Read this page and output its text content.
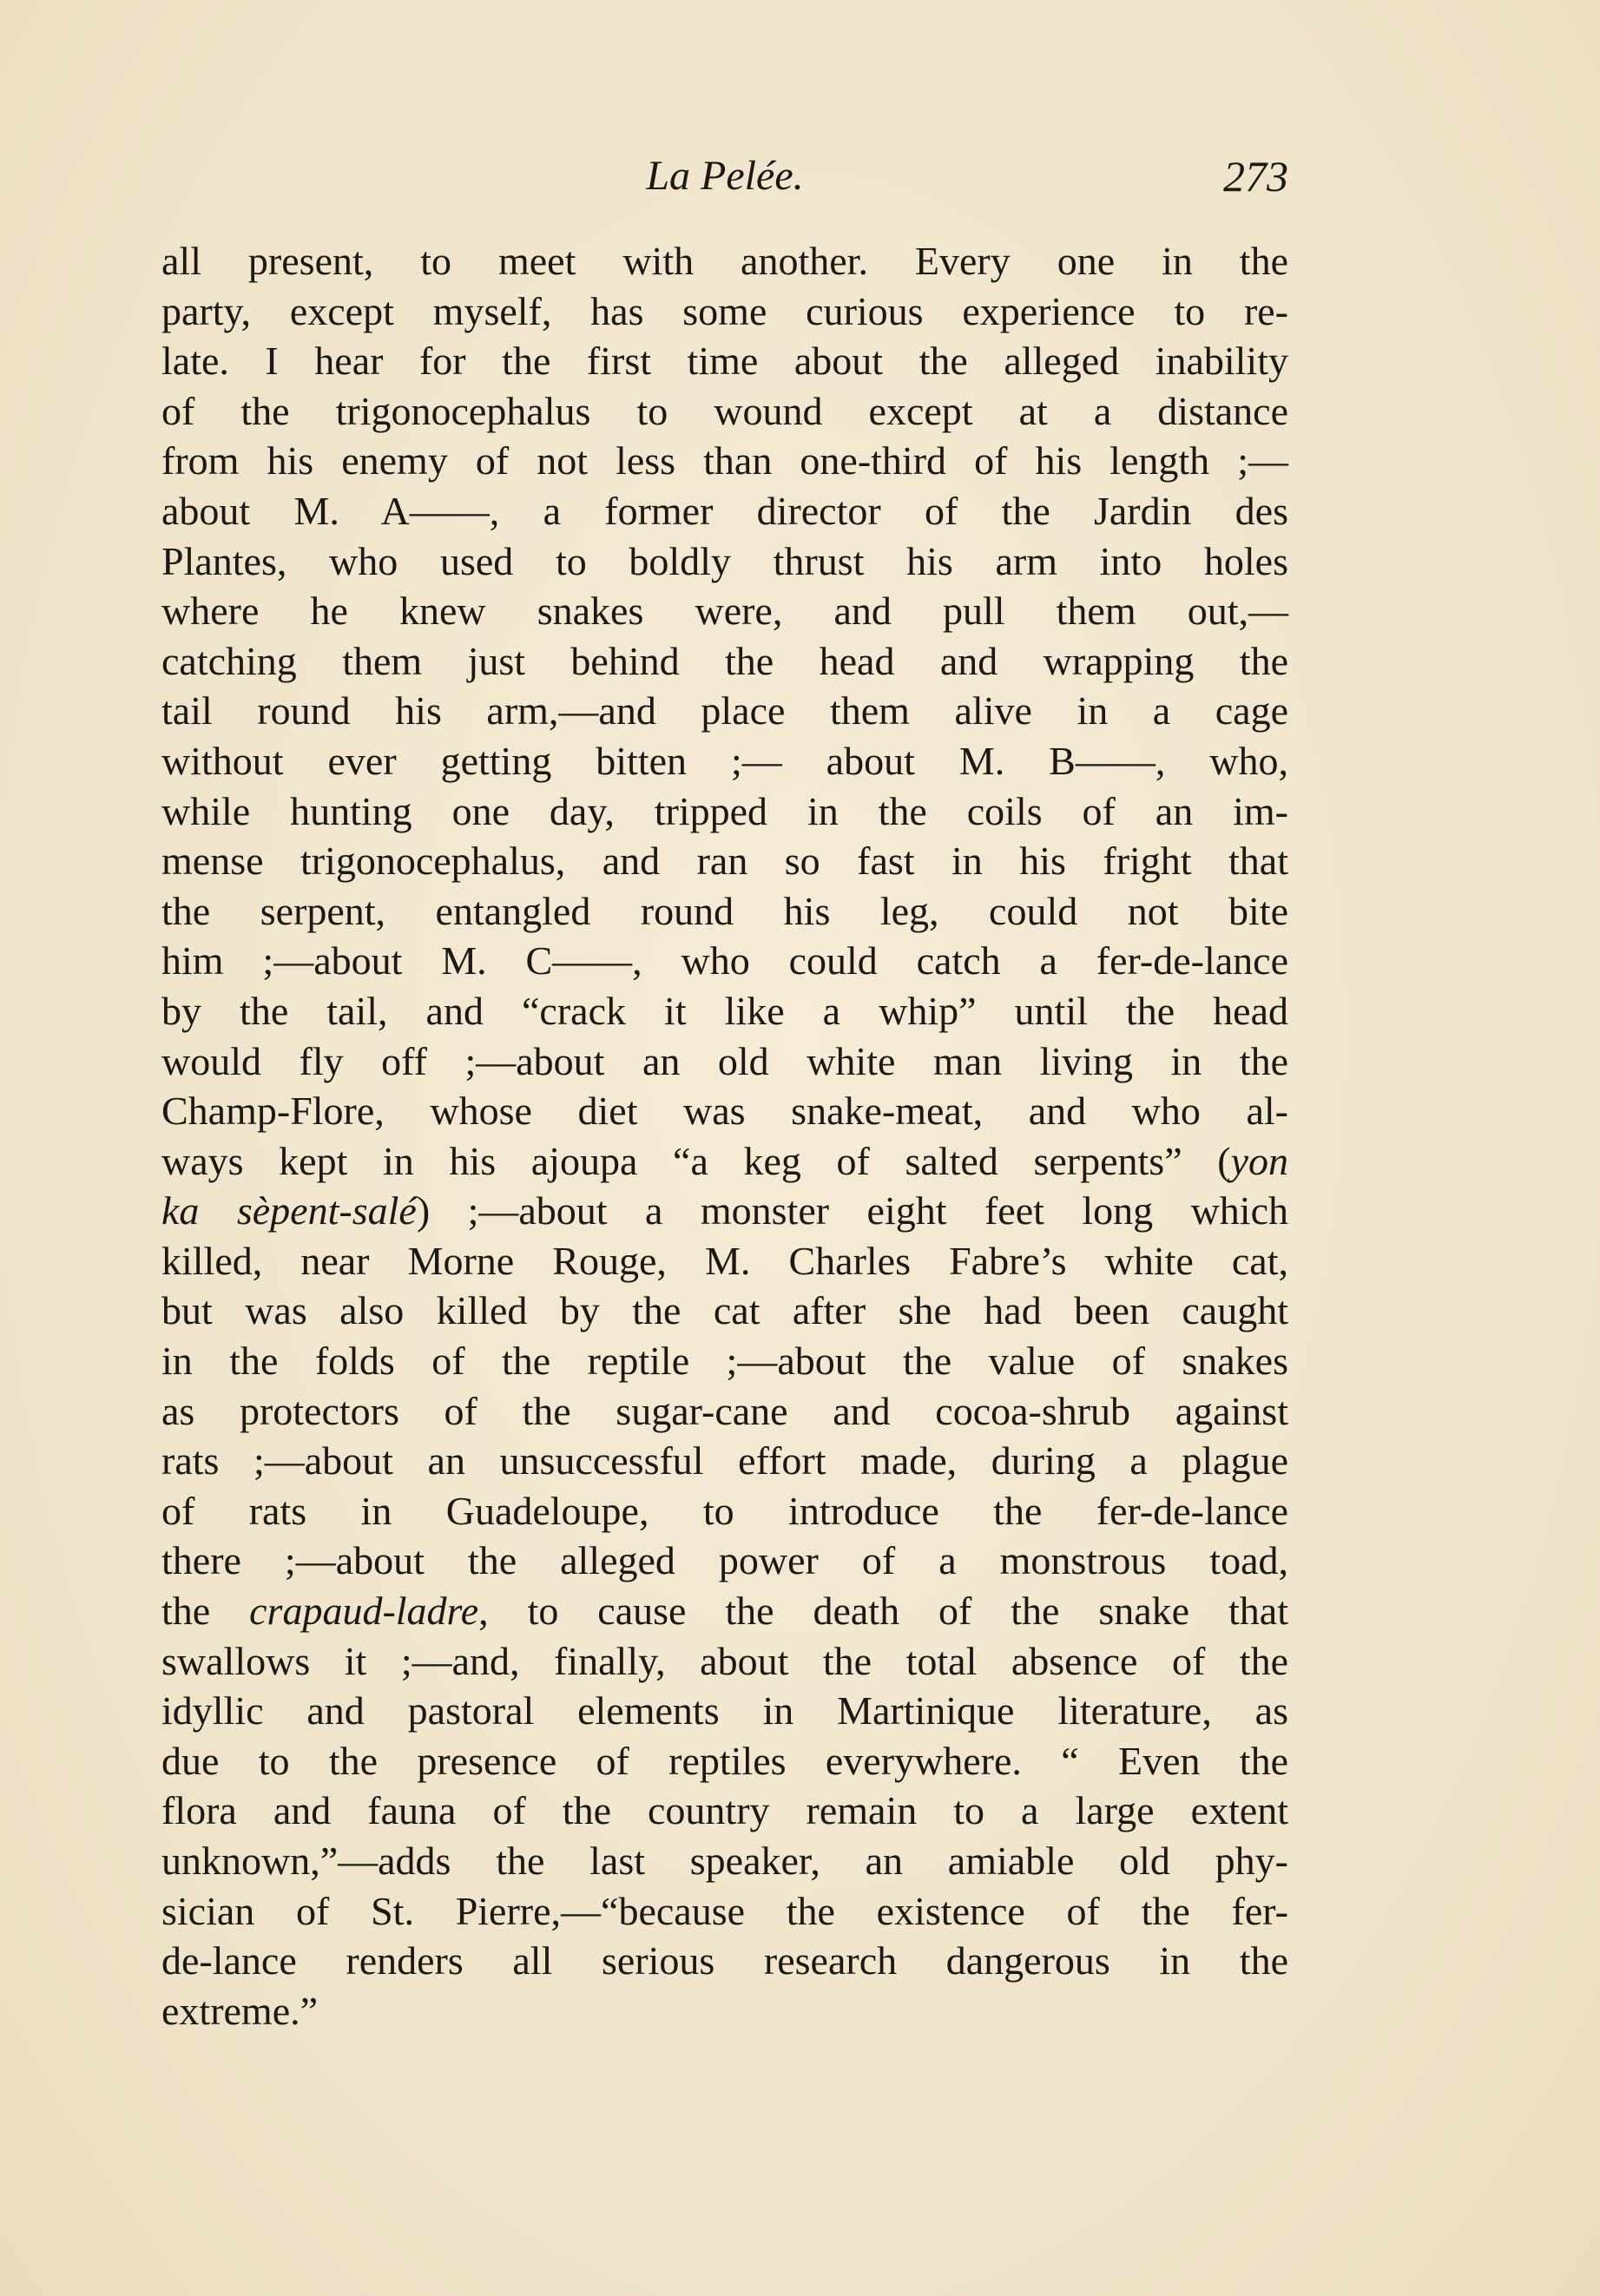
La Pelée.	273
all present, to meet with another. Every one in the
party, except myself, has some curious experience to re-
late. I hear for the first time about the alleged inability
of the trigonocephalus to wound except at a distance
from his enemy of not less than one-third of his length ;—
about M. A——, a former director of the Jardin des
Plantes, who used to boldly thrust his arm into holes
where he knew snakes were, and pull them out,—
catching them just behind the head and wrapping the
tail round his arm,—and place them alive in a cage
without ever getting bitten ;— about M. B——, who,
while hunting one day, tripped in the coils of an im-
mense trigonocephalus, and ran so fast in his fright that
the serpent, entangled round his leg, could not bite
him ;—about M. C——, who could catch a fer-de-lance
by the tail, and “crack it like a whip” until the head
would fly off ;—about an old white man living in the
Champ-Flore, whose diet was snake-meat, and who al-
ways kept in his ajoupa “a keg of salted serpents” (yon
ka sèpent-salé) ;—about a monster eight feet long which
killed, near Morne Rouge, M. Charles Fabre’s white cat,
but was also killed by the cat after she had been caught
in the folds of the reptile ;—about the value of snakes
as protectors of the sugar-cane and cocoa-shrub against
rats ;—about an unsuccessful effort made, during a plague
of rats in Guadeloupe, to introduce the fer-de-lance
there ;—about the alleged power of a monstrous toad,
the crapaud-ladre, to cause the death of the snake that
swallows it ;—and, finally, about the total absence of the
idyllic and pastoral elements in Martinique literature, as
due to the presence of reptiles everywhere. “ Even the
flora and fauna of the country remain to a large extent
unknown,”—adds the last speaker, an amiable old phy-
sician of St. Pierre,—“because the existence of the fer-
de-lance renders all serious research dangerous in the
extreme.”
